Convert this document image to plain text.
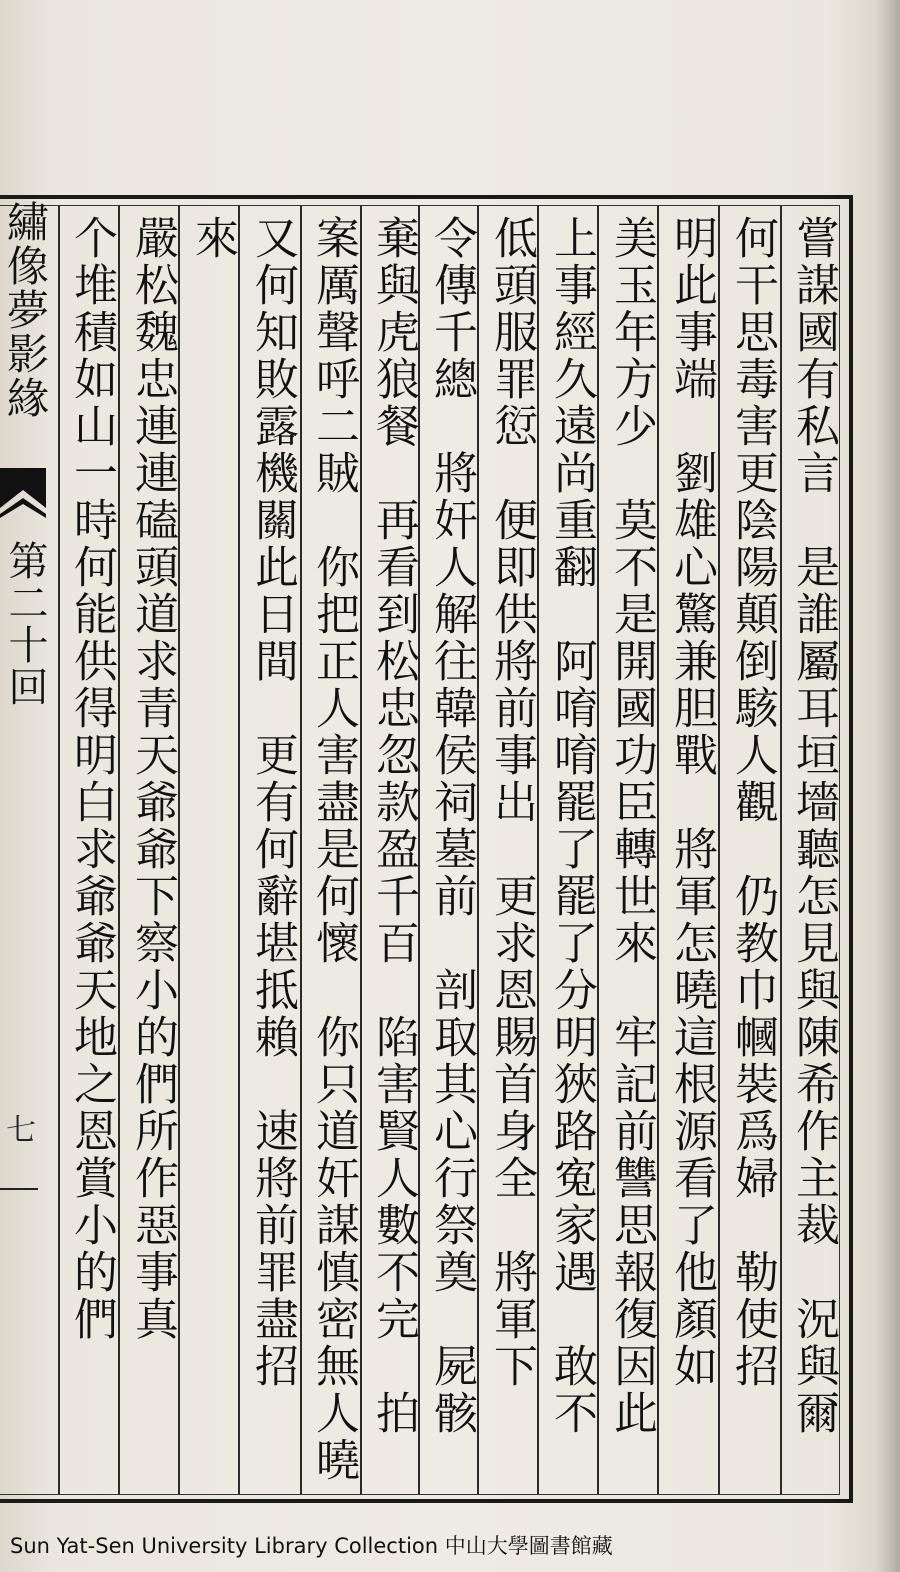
嘗謀國有私言　是誰屬耳垣墻聽怎見與陳希作主裁　況與爾
何干思毒害更陰陽顛倒駭人觀　仍教巾幗裝爲婦　勒使招
明此事端　劉雄心驚兼胆戰　將軍怎曉這根源看了他顏如
美玉年方少　莫不是開國功臣轉世來　牢記前讐思報復因此
上事經久遠尚重翻　阿唷唷罷了罷了分明狹路寃家遇　敢不
低頭服罪愆　便即供將前事出　更求恩賜首身全　將軍下
令傳千總　將奸人解往韓侯祠墓前　剖取其心行祭奠　屍骸
棄與虎狼餐　再看到松忠忽款盈千百　陷害賢人數不完　拍
案厲聲呼二賊　你把正人害盡是何懷　你只道奸謀慎密無人曉
又何知敗露機關此日間　更有何辭堪抵賴　速將前罪盡招
來
嚴松魏忠連連磕頭道求青天爺爺下察小的們所作惡事真
个堆積如山一時何能供得明白求爺爺天地之恩賞小的們
繡像夢影緣
第二十回
七
Sun Yat-Sen University Library Collection 中山大學圖書館藏
